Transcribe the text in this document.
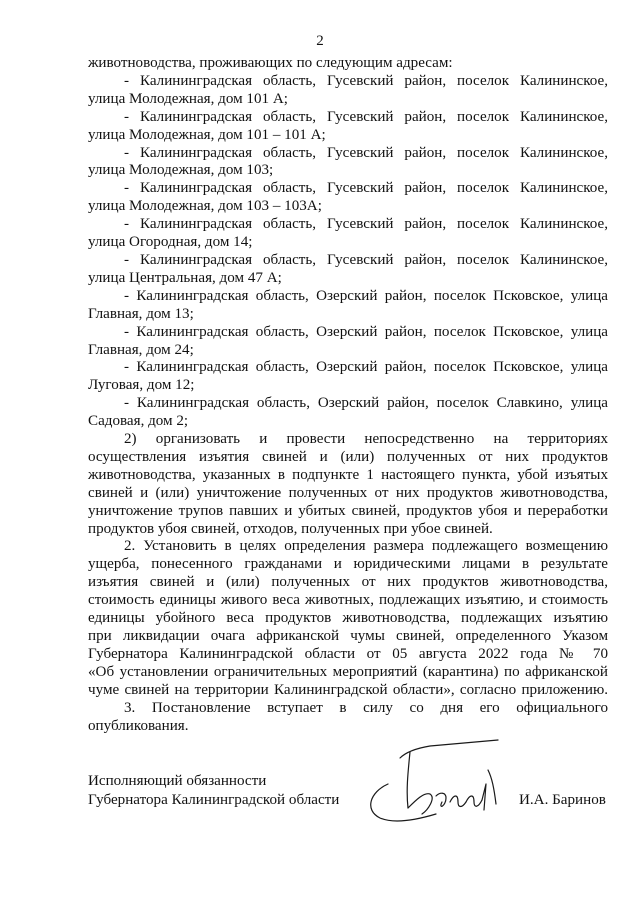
2
животноводства, проживающих по следующим адресам:
- Калининградская область, Гусевский район, поселок Калининское,
улица Молодежная, дом 101 А;
- Калининградская область, Гусевский район, поселок Калининское,
улица Молодежная, дом 101 – 101 А;
- Калининградская область, Гусевский район, поселок Калининское,
улица Молодежная, дом 103;
- Калининградская область, Гусевский район, поселок Калининское,
улица Молодежная, дом 103 – 103А;
- Калининградская область, Гусевский район, поселок Калининское,
улица Огородная, дом 14;
- Калининградская область, Гусевский район, поселок Калининское,
улица Центральная, дом 47 А;
- Калининградская область, Озерский район, поселок Псковское, улица
Главная, дом 13;
- Калининградская область, Озерский район, поселок Псковское, улица
Главная, дом 24;
- Калининградская область, Озерский район, поселок Псковское, улица
Луговая, дом 12;
- Калининградская область, Озерский район, поселок Славкино, улица
Садовая, дом 2;
2) организовать и провести непосредственно на территориях
осуществления изъятия свиней и (или) полученных от них продуктов
животноводства, указанных в подпункте 1 настоящего пункта, убой изъятых
свиней и (или) уничтожение полученных от них продуктов животноводства,
уничтожение трупов павших и убитых свиней, продуктов убоя и переработки
продуктов убоя свиней, отходов, полученных при убое свиней.
2. Установить в целях определения размера подлежащего возмещению
ущерба, понесенного гражданами и юридическими лицами в результате
изъятия свиней и (или) полученных от них продуктов животноводства,
стоимость единицы живого веса животных, подлежащих изъятию, и стоимость
единицы убойного веса продуктов животноводства, подлежащих изъятию
при ликвидации очага африканской чумы свиней, определенного Указом
Губернатора Калининградской области от 05 августа 2022 года № 70
«Об установлении ограничительных мероприятий (карантина) по африканской
чуме свиней на территории Калининградской области», согласно приложению.
3. Постановление вступает в силу со дня его официального
опубликования.
Исполняющий обязанности
Губернатора Калининградской области	И.А. Баринов
